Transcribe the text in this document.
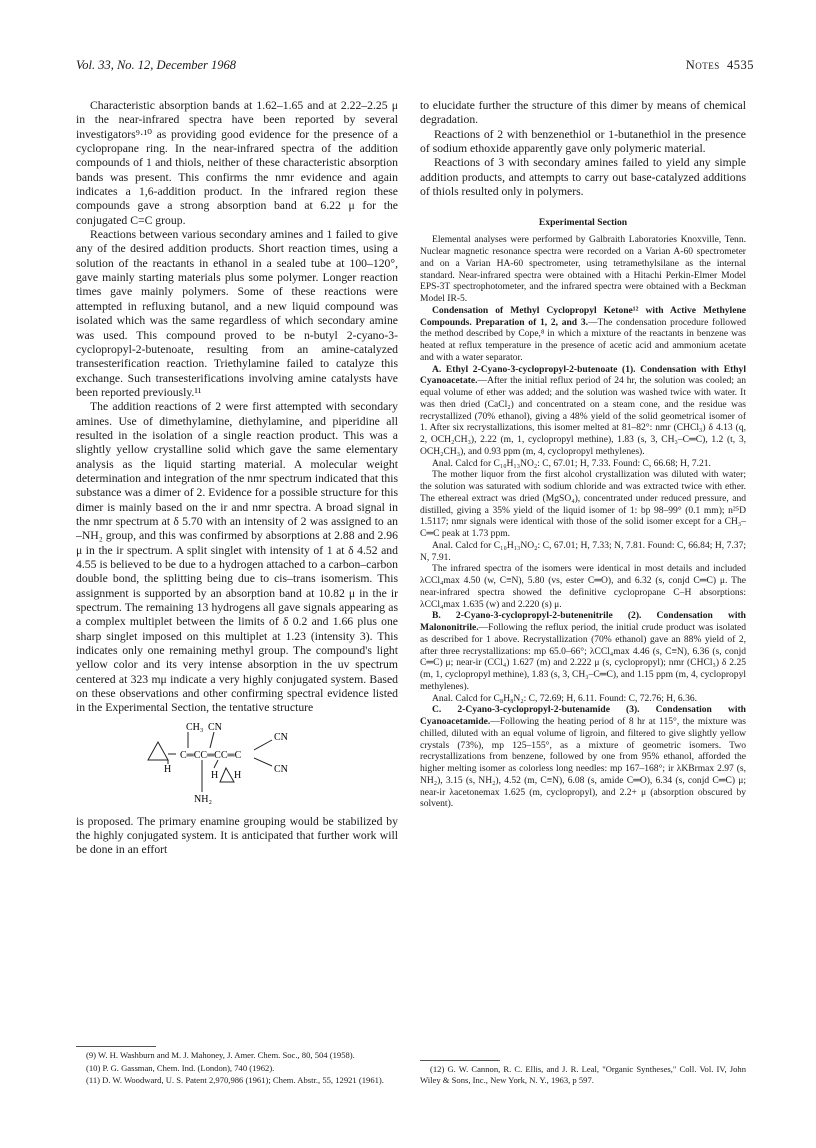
Vol. 33, No. 12, December 1968	Notes 4535

Characteristic absorption bands at 1.62–1.65 and at 2.22–2.25 μ in the near-infrared spectra have been reported by several investigators⁹·¹⁰ as providing good evidence for the presence of a cyclopropane ring. In the near-infrared spectra of the addition compounds of 1 and thiols, neither of these characteristic absorption bands was present. This confirms the nmr evidence and again indicates a 1,6-addition product. In the infrared region these compounds gave a strong absorption band at 6.22 μ for the conjugated C=C group.

Reactions between various secondary amines and 1 failed to give any of the desired addition products. Short reaction times, using a solution of the reactants in ethanol in a sealed tube at 100–120°, gave mainly starting materials plus some polymer. Longer reaction times gave mainly polymers. Some of these reactions were attempted in refluxing butanol, and a new liquid compound was isolated which was the same regardless of which secondary amine was used. This compound proved to be n-butyl 2-cyano-3-cyclopropyl-2-butenoate, resulting from an amine-catalyzed transesterification reaction. Triethylamine failed to catalyze this exchange. Such transesterifications involving amine catalysts have been reported previously.¹¹

The addition reactions of 2 were first attempted with secondary amines. Use of dimethylamine, diethylamine, and piperidine all resulted in the isolation of a single reaction product. This was a slightly yellow crystalline solid which gave the same elementary analysis as the liquid starting material. A molecular weight determination and integration of the nmr spectrum indicated that this substance was a dimer of 2. Evidence for a possible structure for this dimer is mainly based on the ir and nmr spectra. A broad signal in the nmr spectrum at δ 5.70 with an intensity of 2 was assigned to an –NH₂ group, and this was confirmed by absorptions at 2.88 and 2.96 μ in the ir spectrum. A split singlet with intensity of 1 at δ 4.52 and 4.55 is believed to be due to a hydrogen attached to a carbon–carbon double bond, the splitting being due to cis–trans isomerism. This assignment is supported by an absorption band at 10.82 μ in the ir spectrum. The remaining 13 hydrogens all gave signals appearing as a complex multiplet between the limits of δ 0.2 and 1.66 plus one sharp singlet imposed on this multiplet at 1.23 (intensity 3). This indicates only one remaining methyl group. The compound's light yellow color and its very intense absorption in the uv spectrum centered at 323 mμ indicate a very highly conjugated system. Based on these observations and other confirming spectral evidence listed in the Experimental Section, the tentative structure

H
CH₃ CN
C═CC═CC═C
H H
NH₂
CN
CN

is proposed. The primary enamine grouping would be stabilized by the highly conjugated system. It is anticipated that further work will be done in an effort

to elucidate further the structure of this dimer by means of chemical degradation.

Reactions of 2 with benzenethiol or 1-butanethiol in the presence of sodium ethoxide apparently gave only polymeric material.

Reactions of 3 with secondary amines failed to yield any simple addition products, and attempts to carry out base-catalyzed additions of thiols resulted only in polymers.

Experimental Section

Elemental analyses were performed by Galbraith Laboratories Knoxville, Tenn. Nuclear magnetic resonance spectra were recorded on a Varian A-60 spectrometer and on a Varian HA-60 spectrometer, using tetramethylsilane as the internal standard. Near-infrared spectra were obtained with a Hitachi Perkin-Elmer Model EPS-3T spectrophotometer, and the infrared spectra were obtained with a Beckman Model IR-5.

Condensation of Methyl Cyclopropyl Ketone¹² with Active Methylene Compounds. Preparation of 1, 2, and 3.—The condensation procedure followed the method described by Cope,⁸ in which a mixture of the reactants in benzene was heated at reflux temperature in the presence of acetic acid and ammonium acetate and with a water separator.

A. Ethyl 2-Cyano-3-cyclopropyl-2-butenoate (1). Condensation with Ethyl Cyanoacetate.—After the initial reflux period of 24 hr, the solution was cooled; an equal volume of ether was added; and the solution was washed twice with water. It was then dried (CaCl₂) and concentrated on a steam cone, and the residue was recrystallized (70% ethanol), giving a 48% yield of the solid geometrical isomer of 1. After six recrystallizations, this isomer melted at 81–82°: nmr (CHCl₃) δ 4.13 (q, 2, OCH₂CH₃), 2.22 (m, 1, cyclopropyl methine), 1.83 (s, 3, CH₃–C═C), 1.2 (t, 3, OCH₂CH₃), and 0.93 ppm (m, 4, cyclopropyl methylenes).

Anal. Calcd for C₁₀H₁₃NO₂: C, 67.01; H, 7.33. Found: C, 66.68; H, 7.21.

The mother liquor from the first alcohol crystallization was diluted with water; the solution was saturated with sodium chloride and was extracted twice with ether. The ethereal extract was dried (MgSO₄), concentrated under reduced pressure, and distilled, giving a 35% yield of the liquid isomer of 1: bp 98–99° (0.1 mm); n²⁵D 1.5117; nmr signals were identical with those of the solid isomer except for a CH₃–C═C peak at 1.73 ppm.

Anal. Calcd for C₁₀H₁₃NO₂: C, 67.01; H, 7.33; N, 7.81. Found: C, 66.84; H, 7.37; N, 7.91.

The infrared spectra of the isomers were identical in most details and included λCCl₄max 4.50 (w, C≡N), 5.80 (vs, ester C═O), and 6.32 (s, conjd C═C) μ. The near-infrared spectra showed the definitive cyclopropane C–H absorptions: λCCl₄max 1.635 (w) and 2.220 (s) μ.

B. 2-Cyano-3-cyclopropyl-2-butenenitrile (2). Condensation with Malononitrile.—Following the reflux period, the initial crude product was isolated as described for 1 above. Recrystallization (70% ethanol) gave an 88% yield of 2, after three recrystallizations: mp 65.0–66°; λCCl₄max 4.46 (s, C≡N), 6.36 (s, conjd C═C) μ; near-ir (CCl₄) 1.627 (m) and 2.222 μ (s, cyclopropyl); nmr (CHCl₃) δ 2.25 (m, 1, cyclopropyl methine), 1.83 (s, 3, CH₃–C═C), and 1.15 ppm (m, 4, cyclopropyl methylenes).

Anal. Calcd for C₈H₈N₂: C, 72.69; H, 6.11. Found: C, 72.76; H, 6.36.

C. 2-Cyano-3-cyclopropyl-2-butenamide (3). Condensation with Cyanoacetamide.—Following the heating period of 8 hr at 115°, the mixture was chilled, diluted with an equal volume of ligroin, and filtered to give slightly yellow crystals (73%), mp 125–155°, as a mixture of geometric isomers. Two recrystallizations from benzene, followed by one from 95% ethanol, afforded the higher melting isomer as colorless long needles: mp 167–168°; ir λKBrmax 2.97 (s, NH₂), 3.15 (s, NH₂), 4.52 (m, C≡N), 6.08 (s, amide C═O), 6.34 (s, conjd C═C) μ; near-ir λacetonemax 1.625 (m, cyclopropyl), and 2.2+ μ (absorption obscured by solvent).

(9) W. H. Washburn and M. J. Mahoney, J. Amer. Chem. Soc., 80, 504 (1958).

(10) P. G. Gassman, Chem. Ind. (London), 740 (1962).

(11) D. W. Woodward, U. S. Patent 2,970,986 (1961); Chem. Abstr., 55, 12921 (1961).

(12) G. W. Cannon, R. C. Ellis, and J. R. Leal, "Organic Syntheses," Coll. Vol. IV, John Wiley & Sons, Inc., New York, N. Y., 1963, p 597.
